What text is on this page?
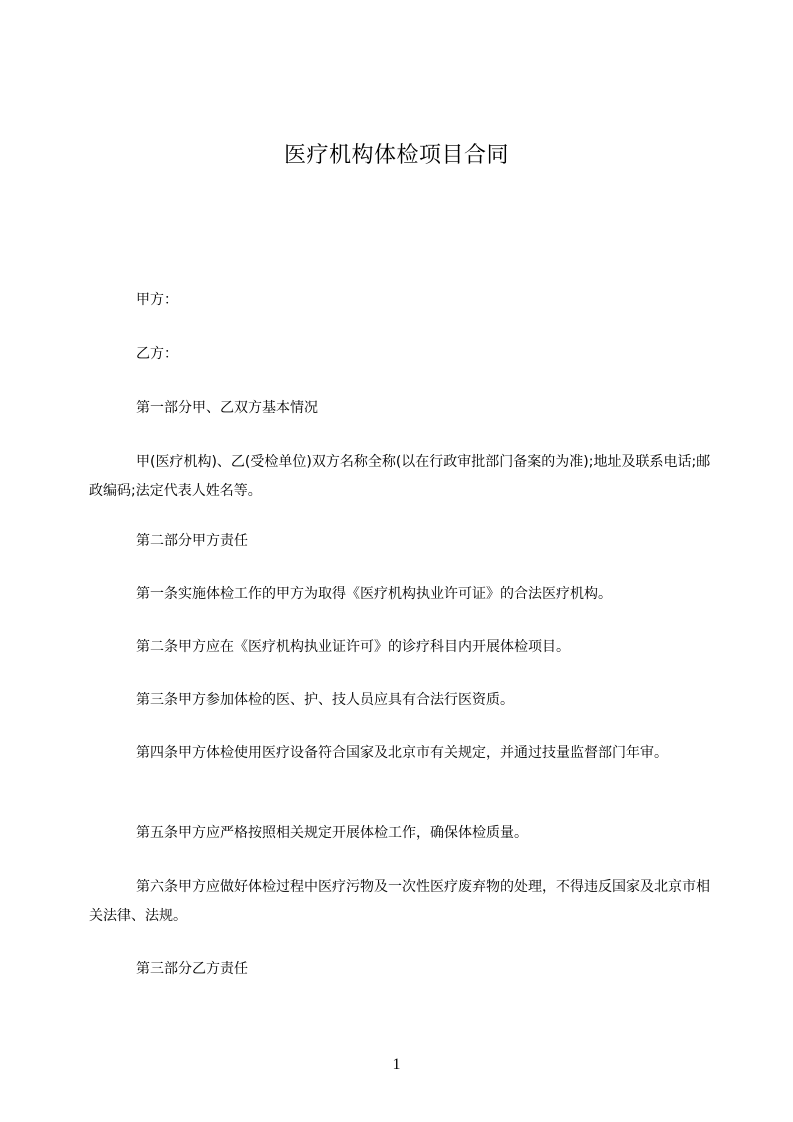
医疗机构体检项目合同

甲方：

乙方：

第一部分甲、乙双方基本情况

甲(医疗机构)、乙(受检单位)双方名称全称(以在行政审批部门备案的为准);地址及联系电话;邮政编码;法定代表人姓名等。

第二部分甲方责任

第一条实施体检工作的甲方为取得《医疗机构执业许可证》的合法医疗机构。

第二条甲方应在《医疗机构执业证许可》的诊疗科目内开展体检项目。

第三条甲方参加体检的医、护、技人员应具有合法行医资质。

第四条甲方体检使用医疗设备符合国家及北京市有关规定，并通过技量监督部门年审。

第五条甲方应严格按照相关规定开展体检工作，确保体检质量。

第六条甲方应做好体检过程中医疗污物及一次性医疗废弃物的处理，不得违反国家及北京市相关法律、法规。

第三部分乙方责任

1
